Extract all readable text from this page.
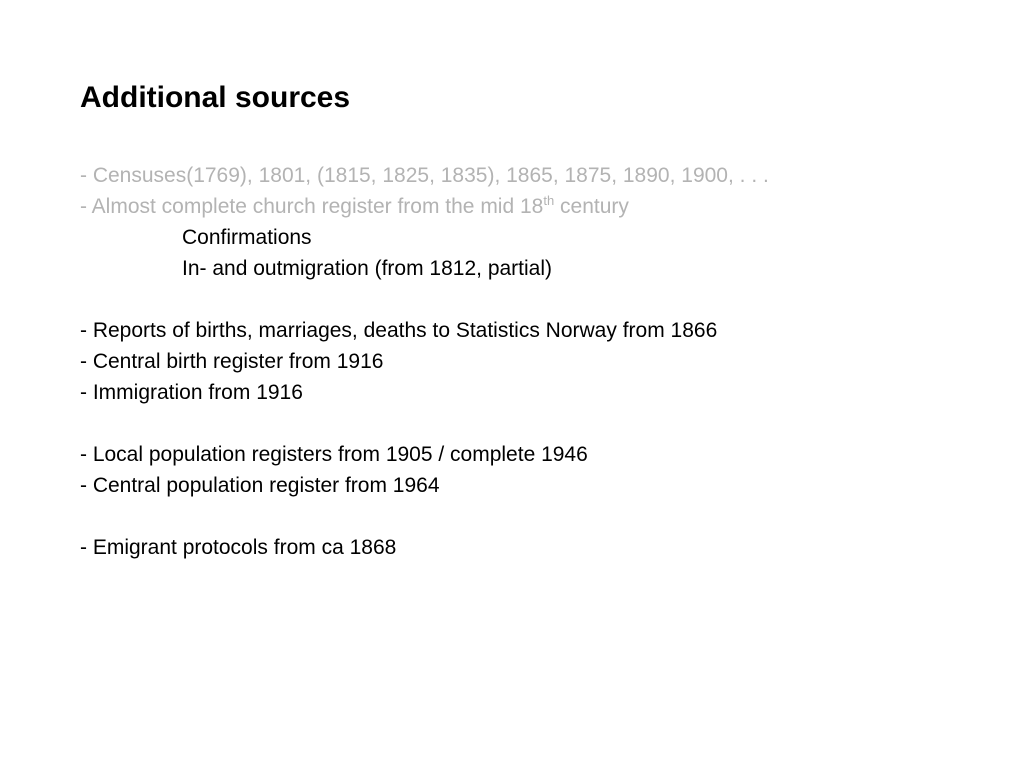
Additional sources
- Censuses(1769), 1801, (1815, 1825, 1835), 1865, 1875, 1890, 1900, . . .
- Almost complete church register from the mid 18th century
Confirmations
In- and outmigration (from 1812, partial)
- Reports of births, marriages, deaths to Statistics Norway from 1866
- Central birth register from 1916
- Immigration from 1916
- Local population registers from 1905 / complete 1946
- Central population register from 1964
- Emigrant protocols from ca 1868
